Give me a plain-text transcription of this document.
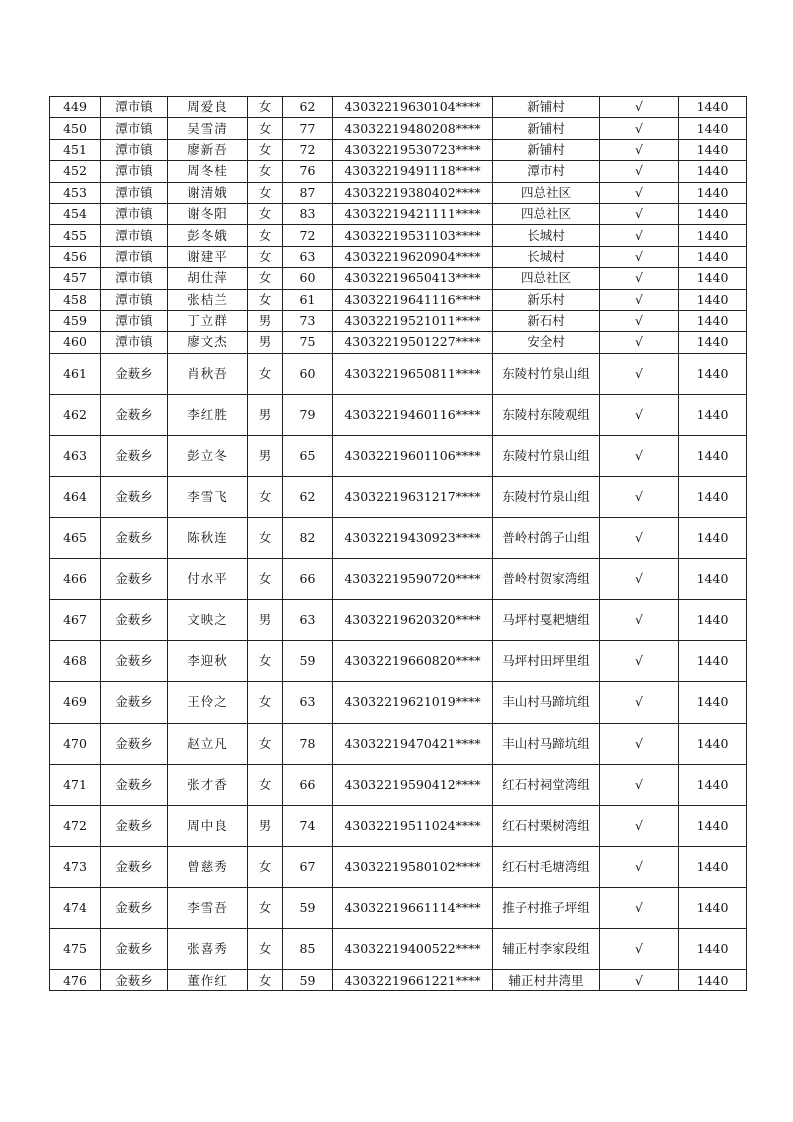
449	潭市镇	周爱良	女	62	43032219630104****	新铺村	√	1440
450	潭市镇	吴雪清	女	77	43032219480208****	新铺村	√	1440
451	潭市镇	廖新吾	女	72	43032219530723****	新铺村	√	1440
452	潭市镇	周冬桂	女	76	43032219491118****	潭市村	√	1440
453	潭市镇	谢清娥	女	87	43032219380402****	四总社区	√	1440
454	潭市镇	谢冬阳	女	83	43032219421111****	四总社区	√	1440
455	潭市镇	彭冬娥	女	72	43032219531103****	长城村	√	1440
456	潭市镇	谢建平	女	63	43032219620904****	长城村	√	1440
457	潭市镇	胡仕萍	女	60	43032219650413****	四总社区	√	1440
458	潭市镇	张桔兰	女	61	43032219641116****	新乐村	√	1440
459	潭市镇	丁立群	男	73	43032219521011****	新石村	√	1440
460	潭市镇	廖文杰	男	75	43032219501227****	安全村	√	1440
461	金薮乡	肖秋吾	女	60	43032219650811****	东陵村竹泉山组	√	1440
462	金薮乡	李红胜	男	79	43032219460116****	东陵村东陵观组	√	1440
463	金薮乡	彭立冬	男	65	43032219601106****	东陵村竹泉山组	√	1440
464	金薮乡	李雪飞	女	62	43032219631217****	东陵村竹泉山组	√	1440
465	金薮乡	陈秋连	女	82	43032219430923****	普岭村鸽子山组	√	1440
466	金薮乡	付水平	女	66	43032219590720****	普岭村贺家湾组	√	1440
467	金薮乡	文映之	男	63	43032219620320****	马坪村戛耙塘组	√	1440
468	金薮乡	李迎秋	女	59	43032219660820****	马坪村田坪里组	√	1440
469	金薮乡	王伶之	女	63	43032219621019****	丰山村马蹄坑组	√	1440
470	金薮乡	赵立凡	女	78	43032219470421****	丰山村马蹄坑组	√	1440
471	金薮乡	张才香	女	66	43032219590412****	红石村祠堂湾组	√	1440
472	金薮乡	周中良	男	74	43032219511024****	红石村栗树湾组	√	1440
473	金薮乡	曾慈秀	女	67	43032219580102****	红石村毛塘湾组	√	1440
474	金薮乡	李雪吾	女	59	43032219661114****	推子村推子坪组	√	1440
475	金薮乡	张喜秀	女	85	43032219400522****	辅正村李家段组	√	1440
476	金薮乡	董作红	女	59	43032219661221****	辅正村井湾里	√	1440
